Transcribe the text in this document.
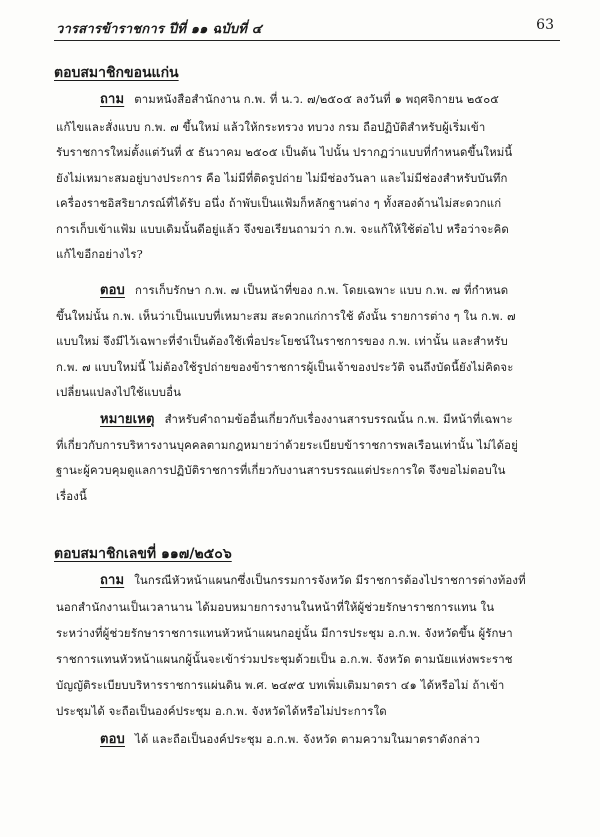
วารสารข้าราชการ ปีที่ ๑๑ ฉบับที่ ๔	63
ตอบสมาชิกขอนแก่น
ถาม ตามหนังสือสำนักงาน ก.พ. ที่ น.ว. ๗/๒๕๐๕ ลงวันที่ ๑ พฤศจิกายน ๒๕๐๕
แก้ไขและสั่งแบบ ก.พ. ๗ ขึ้นใหม่ แล้วให้กระทรวง ทบวง กรม ถือปฏิบัติสำหรับผู้เริ่มเข้า
รับราชการใหม่ตั้งแต่วันที่ ๕ ธันวาคม ๒๕๐๕ เป็นต้น ไปนั้น ปรากฏว่าแบบที่กำหนดขึ้นใหม่นี้
ยังไม่เหมาะสมอยู่บางประการ คือ ไม่มีที่ติดรูปถ่าย ไม่มีช่องวันลา และไม่มีช่องสำหรับบันทึก
เครื่องราชอิสริยาภรณ์ที่ได้รับ อนึ่ง ถ้าพับเป็นแฟ้มก็หลักฐานต่าง ๆ ทั้งสองด้านไม่สะดวกแก่
การเก็บเข้าแฟ้ม แบบเดิมนั้นดีอยู่แล้ว จึงขอเรียนถามว่า ก.พ. จะแก้ให้ใช้ต่อไป หรือว่าจะคิด
แก้ไขอีกอย่างไร?
ตอบ การเก็บรักษา ก.พ. ๗ เป็นหน้าที่ของ ก.พ. โดยเฉพาะ แบบ ก.พ. ๗ ที่กำหนด
ขึ้นใหม่นั้น ก.พ. เห็นว่าเป็นแบบที่เหมาะสม สะดวกแก่การใช้ ดังนั้น รายการต่าง ๆ ใน ก.พ. ๗
แบบใหม่ จึงมีไว้เฉพาะที่จำเป็นต้องใช้เพื่อประโยชน์ในราชการของ ก.พ. เท่านั้น และสำหรับ
ก.พ. ๗ แบบใหม่นี้ ไม่ต้องใช้รูปถ่ายของข้าราชการผู้เป็นเจ้าของประวัติ จนถึงบัดนี้ยังไม่คิดจะ
เปลี่ยนแปลงไปใช้แบบอื่น
หมายเหตุ สำหรับคำถามข้ออื่นเกี่ยวกับเรื่องงานสารบรรณนั้น ก.พ. มีหน้าที่เฉพาะ
ที่เกี่ยวกับการบริหารงานบุคคลตามกฎหมายว่าด้วยระเบียบข้าราชการพลเรือนเท่านั้น ไม่ได้อยู่
ฐานะผู้ควบคุมดูแลการปฏิบัติราชการที่เกี่ยวกับงานสารบรรณแต่ประการใด จึงขอไม่ตอบใน
เรื่องนี้
ตอบสมาชิกเลขที่ ๑๑๗/๒๕๐๖
ถาม ในกรณีหัวหน้าแผนกซึ่งเป็นกรรมการจังหวัด มีราชการต้องไปราชการต่างท้องที่
นอกสำนักงานเป็นเวลานาน ได้มอบหมายการงานในหน้าที่ให้ผู้ช่วยรักษาราชการแทน ใน
ระหว่างที่ผู้ช่วยรักษาราชการแทนหัวหน้าแผนกอยู่นั้น มีการประชุม อ.ก.พ. จังหวัดขึ้น ผู้รักษา
ราชการแทนหัวหน้าแผนกผู้นั้นจะเข้าร่วมประชุมด้วยเป็น อ.ก.พ. จังหวัด ตามนัยแห่งพระราช
บัญญัติระเบียบบริหารราชการแผ่นดิน พ.ศ. ๒๔๙๕ บทเพิ่มเติมมาตรา ๔๑ ได้หรือไม่ ถ้าเข้า
ประชุมได้ จะถือเป็นองค์ประชุม อ.ก.พ. จังหวัดได้หรือไม่ประการใด
ตอบ ได้ และถือเป็นองค์ประชุม อ.ก.พ. จังหวัด ตามความในมาตราดังกล่าว
